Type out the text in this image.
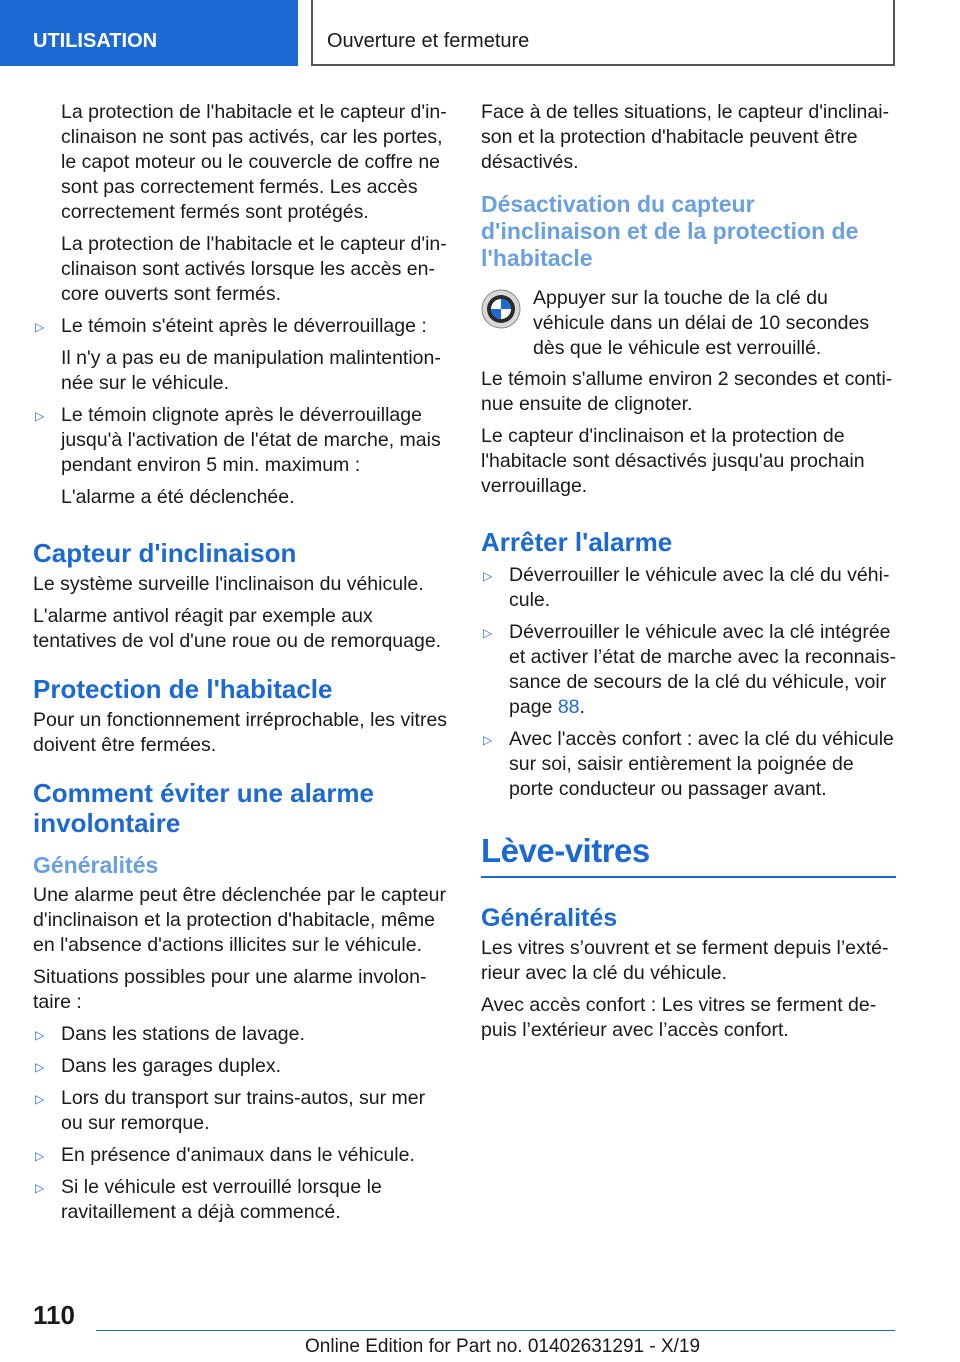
UTILISATION	Ouverture et fermeture

La protection de l'habitacle et le capteur d'inclinaison ne sont pas activés, car les portes, le capot moteur ou le couvercle de coffre ne sont pas correctement fermés. Les accès correctement fermés sont protégés.

La protection de l'habitacle et le capteur d'inclinaison sont activés lorsque les accès encore ouverts sont fermés.

▷ Le témoin s'éteint après le déverrouillage :

Il n'y a pas eu de manipulation malintentionnée sur le véhicule.

▷ Le témoin clignote après le déverrouillage jusqu'à l'activation de l'état de marche, mais pendant environ 5 min. maximum :

L'alarme a été déclenchée.

Capteur d'inclinaison

Le système surveille l'inclinaison du véhicule.

L'alarme antivol réagit par exemple aux tentatives de vol d'une roue ou de remorquage.

Protection de l'habitacle

Pour un fonctionnement irréprochable, les vitres doivent être fermées.

Comment éviter une alarme involontaire
Généralités

Une alarme peut être déclenchée par le capteur d'inclinaison et la protection d'habitacle, même en l'absence d'actions illicites sur le véhicule.

Situations possibles pour une alarme involontaire :

▷ Dans les stations de lavage.
▷ Dans les garages duplex.
▷ Lors du transport sur trains-autos, sur mer ou sur remorque.
▷ En présence d'animaux dans le véhicule.
▷ Si le véhicule est verrouillé lorsque le ravitaillement a déjà commencé.

Face à de telles situations, le capteur d'inclinaison et la protection d'habitacle peuvent être désactivés.

Désactivation du capteur d'inclinaison et de la protection de l'habitacle

Appuyer sur la touche de la clé du véhicule dans un délai de 10 secondes dès que le véhicule est verrouillé.

Le témoin s'allume environ 2 secondes et continue ensuite de clignoter.

Le capteur d'inclinaison et la protection de l'habitacle sont désactivés jusqu'au prochain verrouillage.

Arrêter l'alarme
▷ Déverrouiller le véhicule avec la clé du véhicule.
▷ Déverrouiller le véhicule avec la clé intégrée et activer l’état de marche avec la reconnaissance de secours de la clé du véhicule, voir page 88.
▷ Avec l'accès confort : avec la clé du véhicule sur soi, saisir entièrement la poignée de porte conducteur ou passager avant.
Lève-vitres
Généralités

Les vitres s’ouvrent et se ferment depuis l’extérieur avec la clé du véhicule.

Avec accès confort : Les vitres se ferment depuis l’extérieur avec l’accès confort.

110
Online Edition for Part no. 01402631291 - X/19
